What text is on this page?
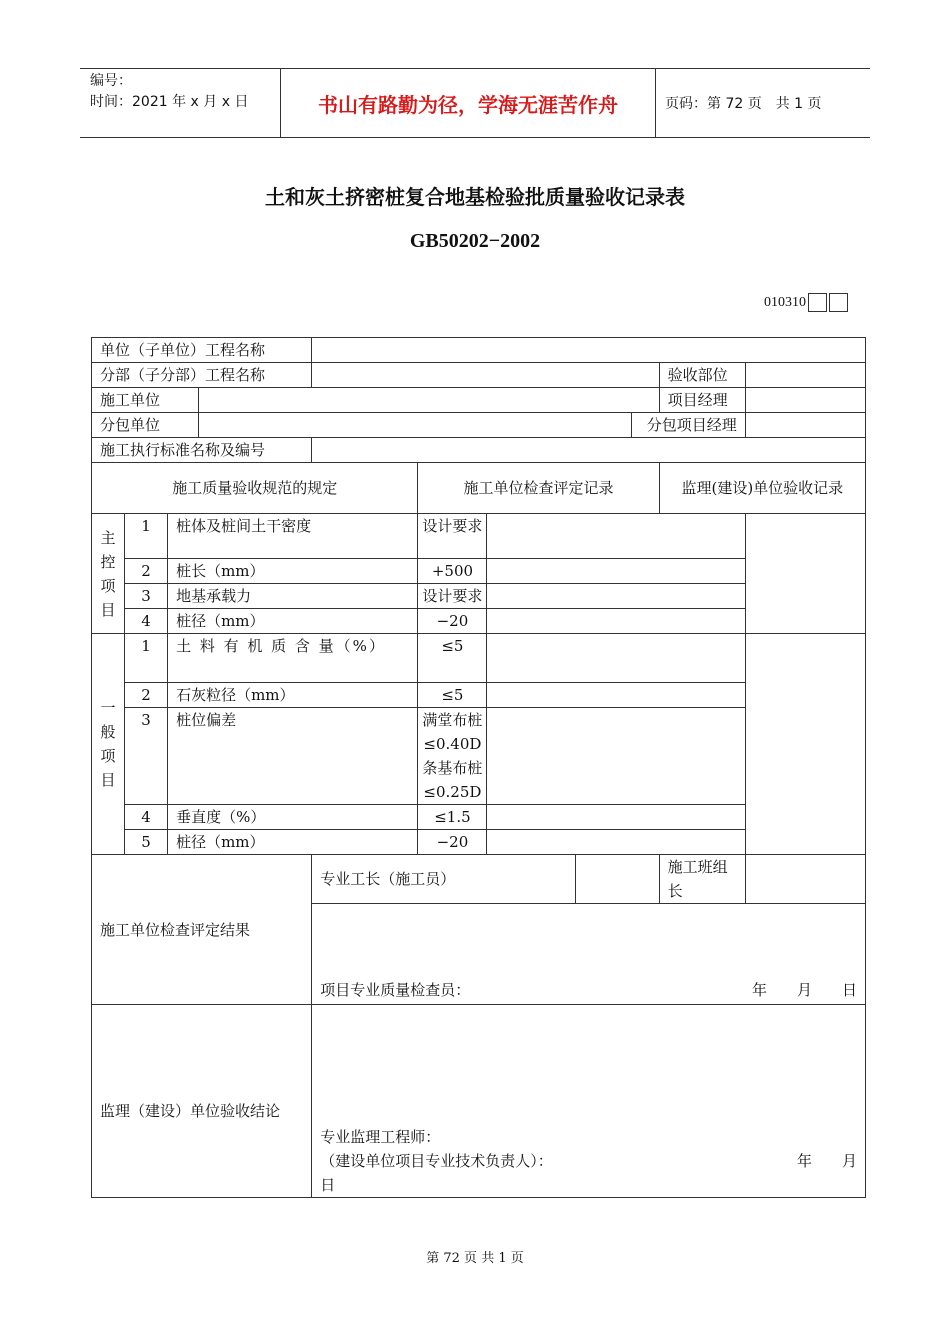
编号：
时间：2021 年 x 月 x 日	书山有路勤为径，学海无涯苦作舟	页码：第 72 页　共 1 页
土和灰土挤密桩复合地基检验批质量验收记录表
GB50202−2002
010310
单位（子单位）工程名称										
分部（子分部）工程名称									验收部位	
施工单位									项目经理	
分包单位								分包项目经理		
施工执行标准名称及编号										
施工质量验收规范的规定					施工单位检查评定记录				监理(建设)单位验收记录	
主控项目	1	桩体及桩间土干密度			设计要求					
	2	桩长（mm）			+500					
	3	地基承载力			设计要求					
	4	桩径（mm）			−20					
一般项目	1	土 料 有 机 质 含 量（%）			≤5					
	2	石灰粒径（mm）			≤5					
	3	桩位偏差			满堂布桩≤0.40D
条基布桩≤0.25D					

	4	垂直度（%）			≤1.5					
	5	桩径（mm）			−20					
施工单位检查评定结果				专业工长（施工员）					施工班组长	

				项目专业质量检查员： 年　　月　　日						

监理（建设）单位验收结论				专业监理工程师：
（建设单位项目专业技术负责人）： 年　　月
日						
第 72 页 共 1 页
